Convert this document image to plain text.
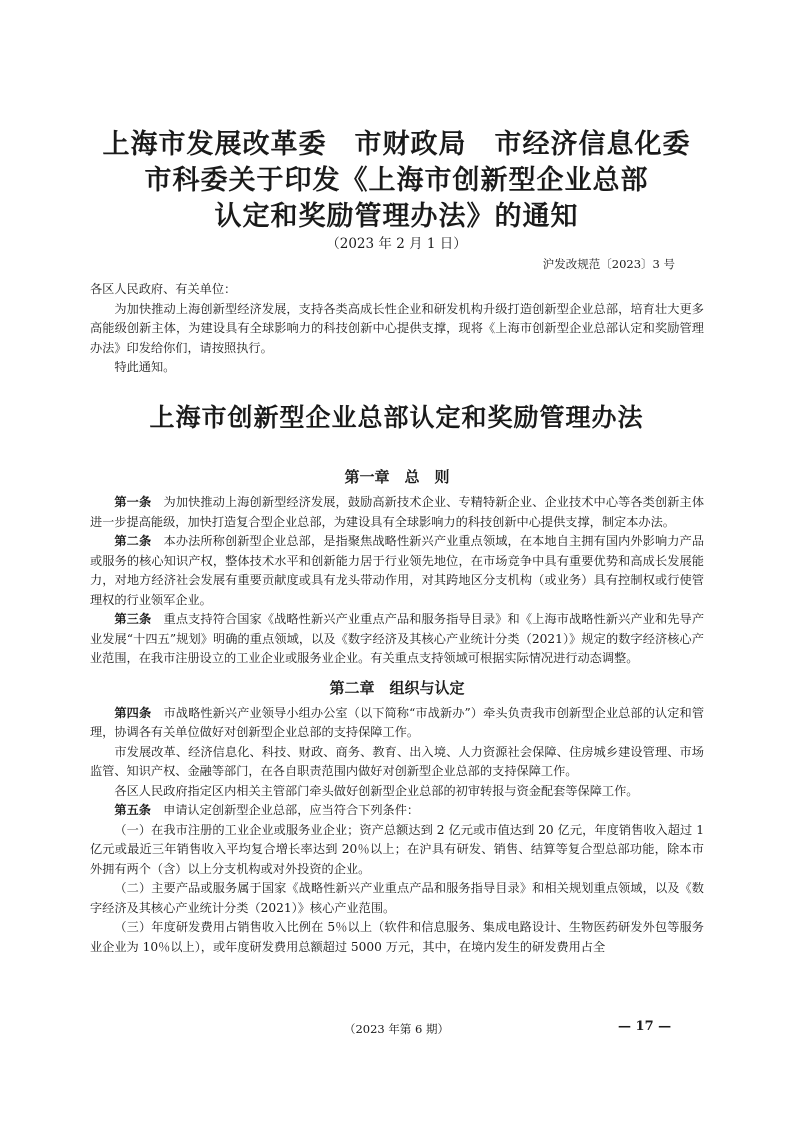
上海市发展改革委　市财政局　市经济信息化委
市科委关于印发《上海市创新型企业总部
认定和奖励管理办法》的通知
（2023 年 2 月 1 日）
沪发改规范〔2023〕3 号

各区人民政府、有关单位：

为加快推动上海创新型经济发展，支持各类高成长性企业和研发机构升级打造创新型企业总部，培育壮大更多高能级创新主体，为建设具有全球影响力的科技创新中心提供支撑，现将《上海市创新型企业总部认定和奖励管理办法》印发给你们，请按照执行。

特此通知。

上海市创新型企业总部认定和奖励管理办法
第一章　总　则

第一条　为加快推动上海创新型经济发展，鼓励高新技术企业、专精特新企业、企业技术中心等各类创新主体进一步提高能级，加快打造复合型企业总部，为建设具有全球影响力的科技创新中心提供支撑，制定本办法。

第二条　本办法所称创新型企业总部，是指聚焦战略性新兴产业重点领域，在本地自主拥有国内外影响力产品或服务的核心知识产权，整体技术水平和创新能力居于行业领先地位，在市场竞争中具有重要优势和高成长发展能力，对地方经济社会发展有重要贡献度或具有龙头带动作用，对其跨地区分支机构（或业务）具有控制权或行使管理权的行业领军企业。

第三条　重点支持符合国家《战略性新兴产业重点产品和服务指导目录》和《上海市战略性新兴产业和先导产业发展“十四五”规划》明确的重点领域，以及《数字经济及其核心产业统计分类（2021）》规定的数字经济核心产业范围，在我市注册设立的工业企业或服务业企业。有关重点支持领域可根据实际情况进行动态调整。

第二章　组织与认定

第四条　市战略性新兴产业领导小组办公室（以下简称“市战新办”）牵头负责我市创新型企业总部的认定和管理，协调各有关单位做好对创新型企业总部的支持保障工作。

市发展改革、经济信息化、科技、财政、商务、教育、出入境、人力资源社会保障、住房城乡建设管理、市场监管、知识产权、金融等部门，在各自职责范围内做好对创新型企业总部的支持保障工作。

各区人民政府指定区内相关主管部门牵头做好创新型企业总部的初审转报与资金配套等保障工作。

第五条　申请认定创新型企业总部，应当符合下列条件：

（一）在我市注册的工业企业或服务业企业；资产总额达到 2 亿元或市值达到 20 亿元，年度销售收入超过 1 亿元或最近三年销售收入平均复合增长率达到 20％以上；在沪具有研发、销售、结算等复合型总部功能，除本市外拥有两个（含）以上分支机构或对外投资的企业。

（二）主要产品或服务属于国家《战略性新兴产业重点产品和服务指导目录》和相关规划重点领域，以及《数字经济及其核心产业统计分类（2021）》核心产业范围。

（三）年度研发费用占销售收入比例在 5％以上（软件和信息服务、集成电路设计、生物医药研发外包等服务业企业为 10％以上），或年度研发费用总额超过 5000 万元，其中，在境内发生的研发费用占全

（2023 年第 6 期）	— 17 —
